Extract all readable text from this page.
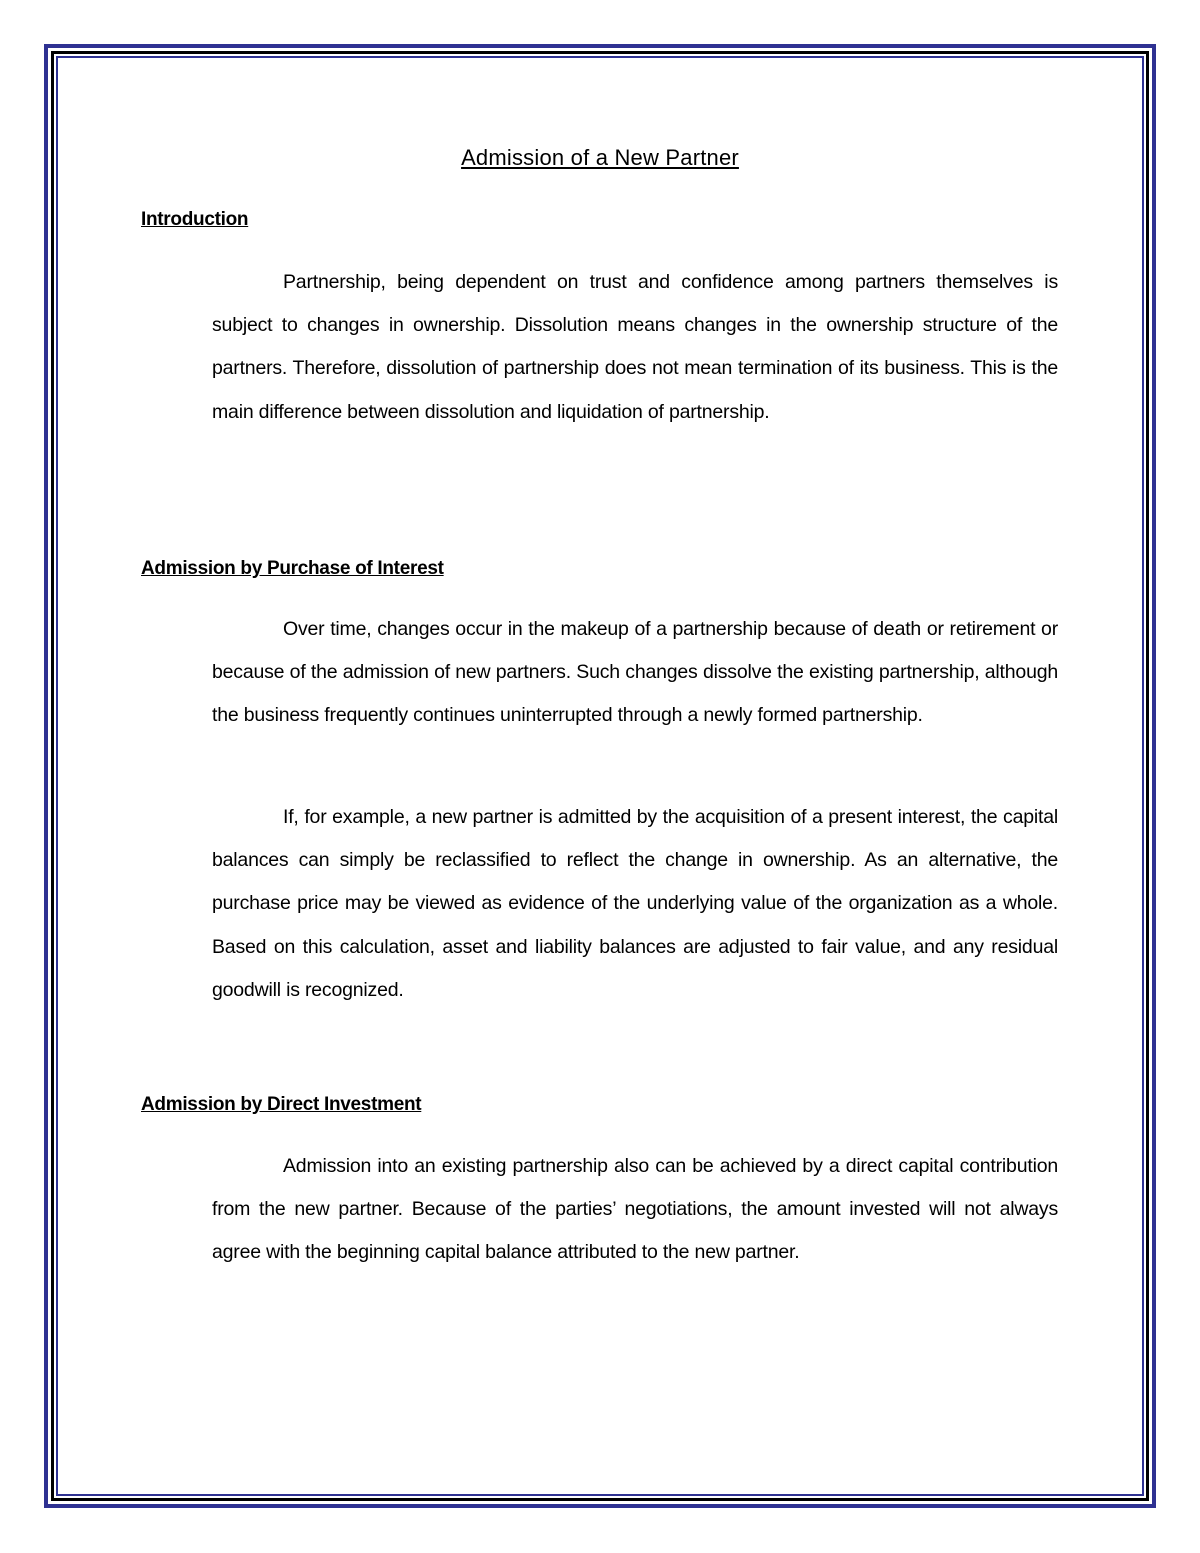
Admission of a New Partner
Introduction

Partnership, being dependent on trust and confidence among partners themselves is subject to changes in ownership. Dissolution means changes in the ownership structure of the partners. Therefore, dissolution of partnership does not mean termination of its business. This is the main difference between dissolution and liquidation of partnership.

Admission by Purchase of Interest

Over time, changes occur in the makeup of a partnership because of death or retirement or because of the admission of new partners. Such changes dissolve the existing partnership, although the business frequently continues uninterrupted through a newly formed partnership.

If, for example, a new partner is admitted by the acquisition of a present interest, the capital balances can simply be reclassified to reflect the change in ownership. As an alternative, the purchase price may be viewed as evidence of the underlying value of the organization as a whole. Based on this calculation, asset and liability balances are adjusted to fair value, and any residual goodwill is recognized.

Admission by Direct Investment

Admission into an existing partnership also can be achieved by a direct capital contribution from the new partner. Because of the parties’ negotiations, the amount invested will not always agree with the beginning capital balance attributed to the new partner.
